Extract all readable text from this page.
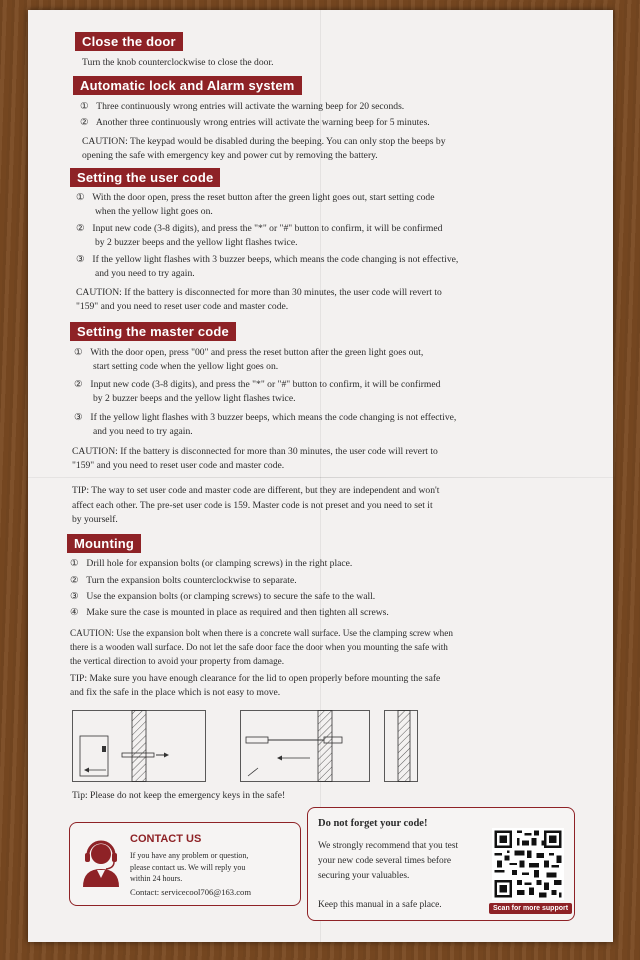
Close the door
Turn the knob counterclockwise to close the door.
Automatic lock and Alarm system
① Three continuously wrong entries will activate the warning beep for 20 seconds.
② Another three continuously wrong entries will activate the warning beep for 5 minutes.
CAUTION: The keypad would be disabled during the beeping. You can only stop the beeps by
opening the safe with emergency key and power cut by removing the battery.
Setting the user code
① With the door open, press the reset button after the green light goes out, start setting code
when the yellow light goes on.
② Input new code (3-8 digits), and press the "*" or "#" button to confirm, it will be confirmed
by 2 buzzer beeps and the yellow light flashes twice.
③ If the yellow light flashes with 3 buzzer beeps, which means the code changing is not effective,
and you need to try again.
CAUTION: If the battery is disconnected for more than 30 minutes, the user code will revert to
"159" and you need to reset user code and master code.
Setting the master code
① With the door open, press "00" and press the reset button after the green light goes out,
start setting code when the yellow light goes on.
② Input new code (3-8 digits), and press the "*" or "#" button to confirm, it will be confirmed
by 2 buzzer beeps and the yellow light flashes twice.
③ If the yellow light flashes with 3 buzzer beeps, which means the code changing is not effective,
and you need to try again.
CAUTION: If the battery is disconnected for more than 30 minutes, the user code will revert to
"159" and you need to reset user code and master code.
TIP: The way to set user code and master code are different, but they are independent and won't
affect each other. The pre-set user code is 159. Master code is not preset and you need to set it
by yourself.
Mounting
① Drill hole for expansion bolts (or clamping screws) in the right place.
② Turn the expansion bolts counterclockwise to separate.
③ Use the expansion bolts (or clamping screws) to secure the safe to the wall.
④ Make sure the case is mounted in place as required and then tighten all screws.
CAUTION: Use the expansion bolt when there is a concrete wall surface. Use the clamping screw when
there is a wooden wall surface. Do not let the safe door face the door when you mounting the safe with
the vertical direction to avoid your property from damage.
TIP: Make sure you have enough clearance for the lid to open properly before mounting the safe
and fix the safe in the place which is not easy to move.
Tip: Please do not keep the emergency keys in the safe!
CONTACT US
If you have any problem or question,
please contact us. We will reply you
within 24 hours.
Contact: servicecool706@163.com
Do not forget your code!
We strongly recommend that you test
your new code several times before
securing your valuables.
Keep this manual in a safe place.	Scan for more support
